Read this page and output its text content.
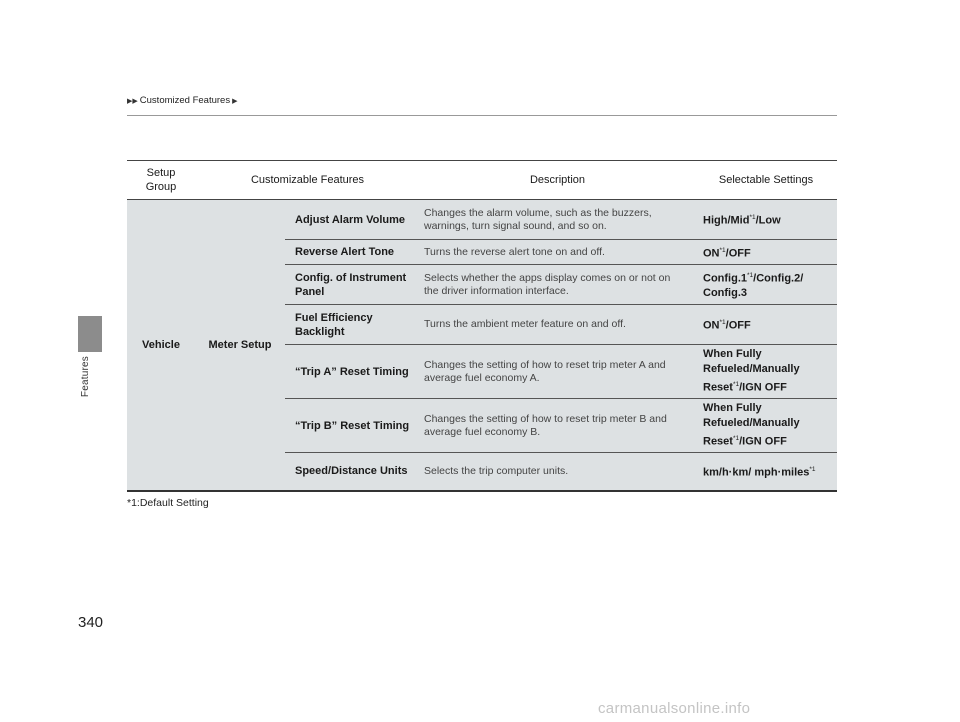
Features
▶▶ Customized Features ▶
Setup
Group	Customizable Features		Description	Selectable Settings
Vehicle	Meter Setup	Adjust Alarm Volume	Changes the alarm volume, such as the buzzers, warnings, turn signal sound, and so on.	High/Mid$^{*1}$/Low
		Reverse Alert Tone	Turns the reverse alert tone on and off.	ON$^{*1}$/OFF
		Config. of Instrument Panel	Selects whether the apps display comes on or not on the driver information interface.	Config.1$^{*1}$/Config.2/ Config.3
		Fuel Efficiency Backlight	Turns the ambient meter feature on and off.	ON$^{*1}$/OFF
		“Trip A” Reset Timing	Changes the setting of how to reset trip meter A and average fuel economy A.	When Fully Refueled/Manually Reset$^{*1}$/IGN OFF
		“Trip B” Reset Timing	Changes the setting of how to reset trip meter B and average fuel economy B.	When Fully Refueled/Manually Reset$^{*1}$/IGN OFF
		Speed/Distance Units	Selects the trip computer units.	km/h·km/ mph·miles$^{*1}$
*1:Default Setting
340
carmanualsonline.info
